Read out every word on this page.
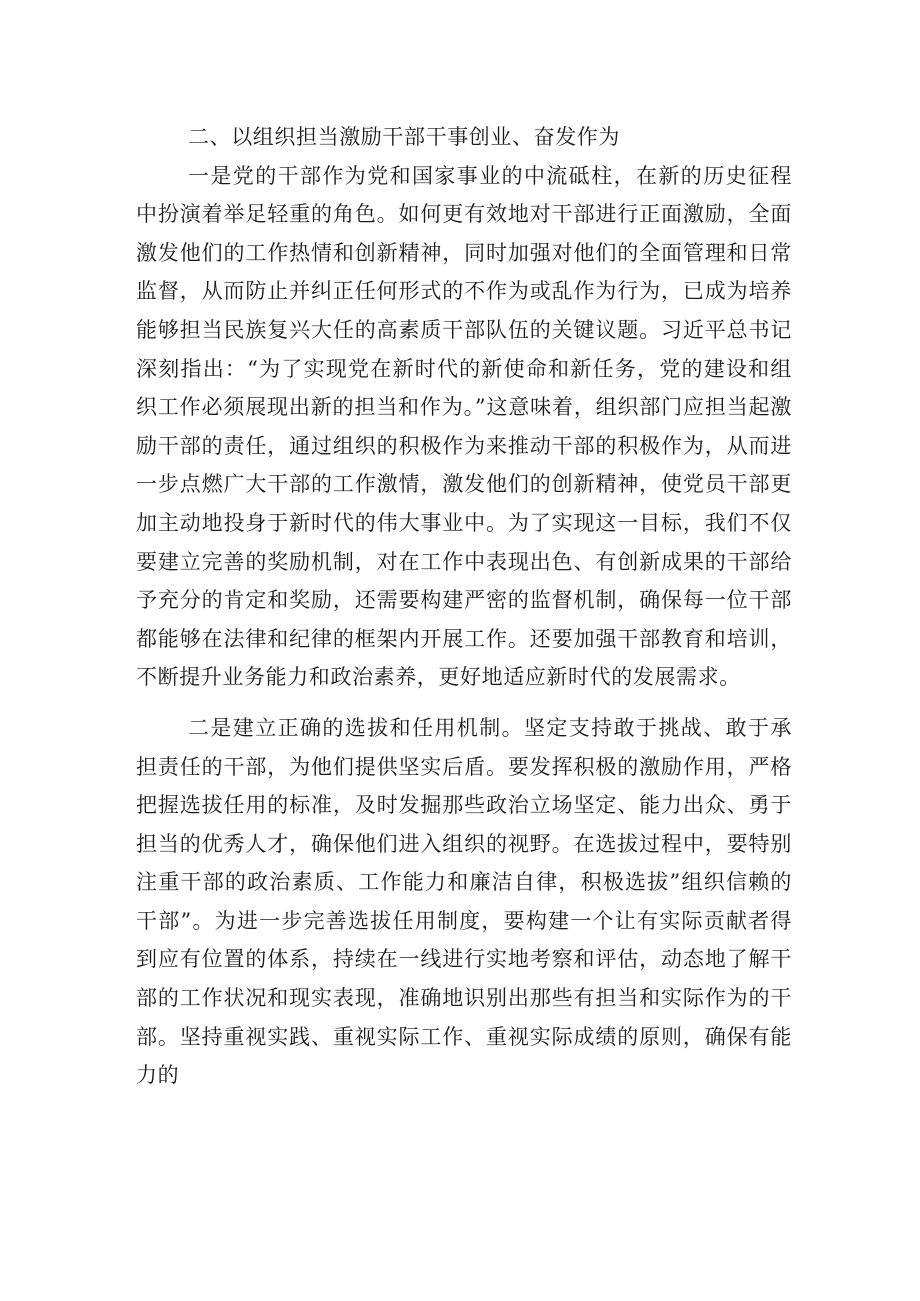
二、以组织担当激励干部干事创业、奋发作为

一是党的干部作为党和国家事业的中流砥柱，在新的历史征程中扮演着举足轻重的角色。如何更有效地对干部进行正面激励，全面激发他们的工作热情和创新精神，同时加强对他们的全面管理和日常监督，从而防止并纠正任何形式的不作为或乱作为行为，已成为培养能够担当民族复兴大任的高素质干部队伍的关键议题。习近平总书记深刻指出：“为了实现党在新时代的新使命和新任务，党的建设和组织工作必须展现出新的担当和作为。”这意味着，组织部门应担当起激励干部的责任，通过组织的积极作为来推动干部的积极作为，从而进一步点燃广大干部的工作激情，激发他们的创新精神，使党员干部更加主动地投身于新时代的伟大事业中。为了实现这一目标，我们不仅要建立完善的奖励机制，对在工作中表现出色、有创新成果的干部给予充分的肯定和奖励，还需要构建严密的监督机制，确保每一位干部都能够在法律和纪律的框架内开展工作。还要加强干部教育和培训，不断提升业务能力和政治素养，更好地适应新时代的发展需求。

二是建立正确的选拔和任用机制。坚定支持敢于挑战、敢于承担责任的干部，为他们提供坚实后盾。要发挥积极的激励作用，严格把握选拔任用的标准，及时发掘那些政治立场坚定、能力出众、勇于担当的优秀人才，确保他们进入组织的视野。在选拔过程中，要特别注重干部的政治素质、工作能力和廉洁自律，积极选拔”组织信赖的干部”。为进一步完善选拔任用制度，要构建一个让有实际贡献者得到应有位置的体系，持续在一线进行实地考察和评估，动态地了解干部的工作状况和现实表现，准确地识别出那些有担当和实际作为的干部。坚持重视实践、重视实际工作、重视实际成绩的原则，确保有能力的
